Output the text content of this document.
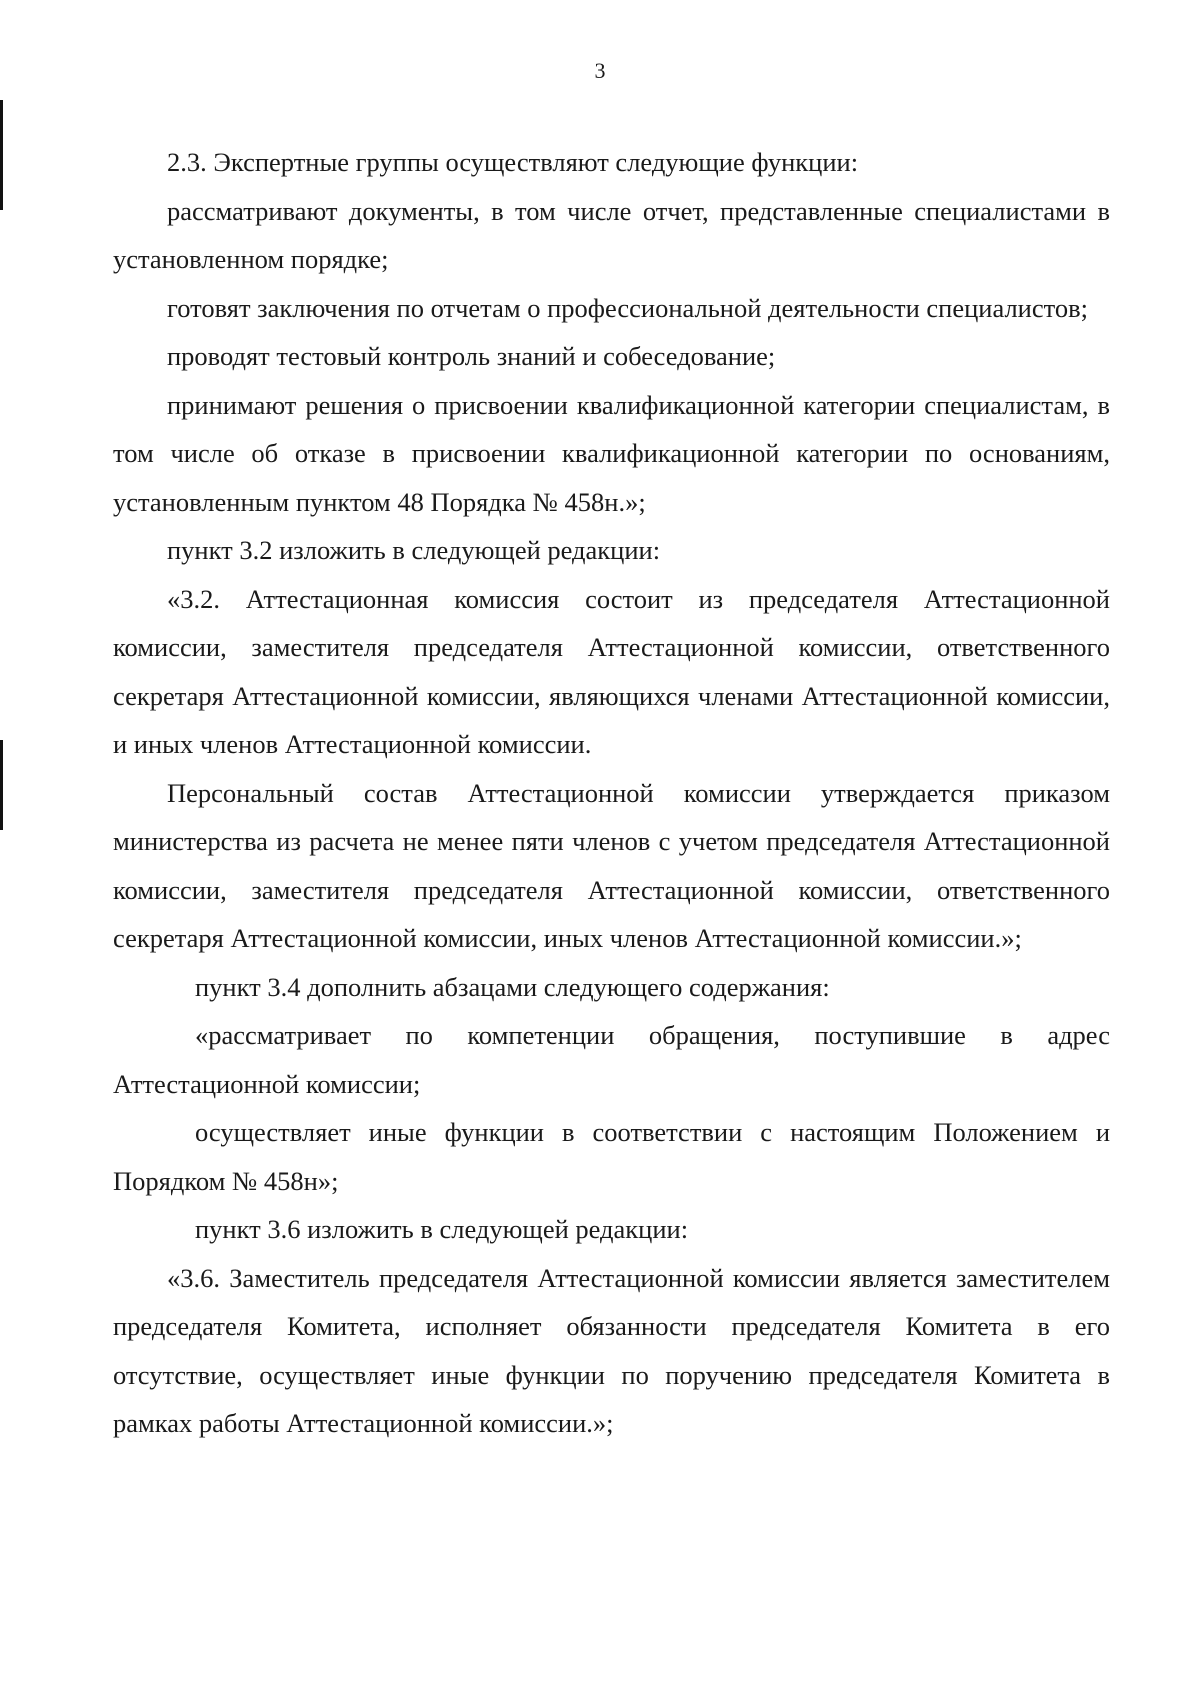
3

2.3. Экспертные группы осуществляют следующие функции:

рассматривают документы, в том числе отчет, представленные специалистами в установленном порядке;

готовят заключения по отчетам о профессиональной деятельности специалистов;

проводят тестовый контроль знаний и собеседование;

принимают решения о присвоении квалификационной категории специалистам, в том числе об отказе в присвоении квалификационной категории по основаниям, установленным пунктом 48 Порядка № 458н.»;

пункт 3.2 изложить в следующей редакции:

«3.2. Аттестационная комиссия состоит из председателя Аттестационной комиссии, заместителя председателя Аттестационной комиссии, ответственного секретаря Аттестационной комиссии, являющихся членами Аттестационной комиссии, и иных членов Аттестационной комиссии.

Персональный состав Аттестационной комиссии утверждается приказом министерства из расчета не менее пяти членов с учетом председателя Аттестационной комиссии, заместителя председателя Аттестационной комиссии, ответственного секретаря Аттестационной комиссии, иных членов Аттестационной комиссии.»;

пункт 3.4 дополнить абзацами следующего содержания:

«рассматривает по компетенции обращения, поступившие в адрес Аттестационной комиссии;

осуществляет иные функции в соответствии с настоящим Положением и Порядком № 458н»;

пункт 3.6 изложить в следующей редакции:

«3.6. Заместитель председателя Аттестационной комиссии является заместителем председателя Комитета, исполняет обязанности председателя Комитета в его отсутствие, осуществляет иные функции по поручению председателя Комитета в рамках работы Аттестационной комиссии.»;
